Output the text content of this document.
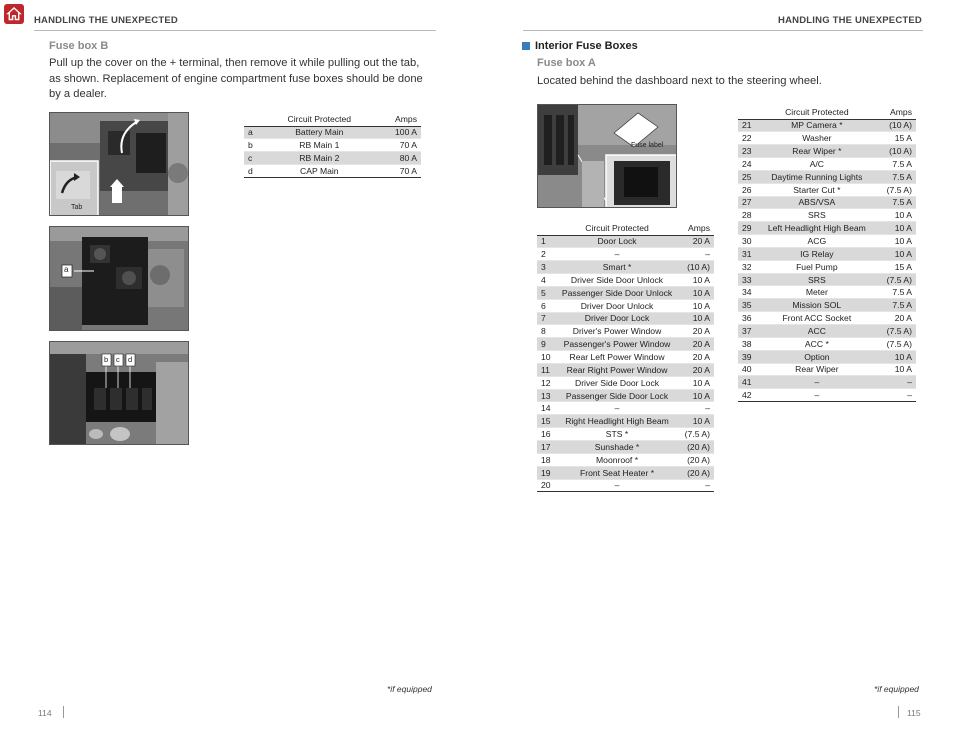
HANDLING THE UNEXPECTED	HANDLING THE UNEXPECTED
Fuse box B
Pull up the cover on the + terminal, then remove it while pulling out the tab, as shown. Replacement of engine compartment fuse boxes should be done by a dealer.
Tab
a
b c d
	Circuit Protected	Amps
a	Battery Main	100 A
b	RB Main 1	70 A
c	RB Main 2	80 A
d	CAP Main	70 A
*if equipped
114
Interior Fuse Boxes
Fuse box A
Located behind the dashboard next to the steering wheel.
Fuse label
	Circuit Protected	Amps
1	Door Lock	20 A
2	–	–
3	Smart *	(10 A)
4	Driver Side Door Unlock	10 A
5	Passenger Side Door Unlock	10 A
6	Driver Door Unlock	10 A
7	Driver Door Lock	10 A
8	Driver's Power Window	20 A
9	Passenger's Power Window	20 A
10	Rear Left Power Window	20 A
11	Rear Right Power Window	20 A
12	Driver Side Door Lock	10 A
13	Passenger Side Door Lock	10 A
14	–	–
15	Right Headlight High Beam	10 A
16	STS *	(7.5 A)
17	Sunshade *	(20 A)
18	Moonroof *	(20 A)
19	Front Seat Heater *	(20 A)
20	–	–
	Circuit Protected	Amps
21	MP Camera *	(10 A)
22	Washer	15 A
23	Rear Wiper *	(10 A)
24	A/C	7.5 A
25	Daytime Running Lights	7.5 A
26	Starter Cut *	(7.5 A)
27	ABS/VSA	7.5 A
28	SRS	10 A
29	Left Headlight High Beam	10 A
30	ACG	10 A
31	IG Relay	10 A
32	Fuel Pump	15 A
33	SRS	(7.5 A)
34	Meter	7.5 A
35	Mission SOL	7.5 A
36	Front ACC Socket	20 A
37	ACC	(7.5 A)
38	ACC *	(7.5 A)
39	Option	10 A
40	Rear Wiper	10 A
41	–	–
42	–	–
*if equipped
115
